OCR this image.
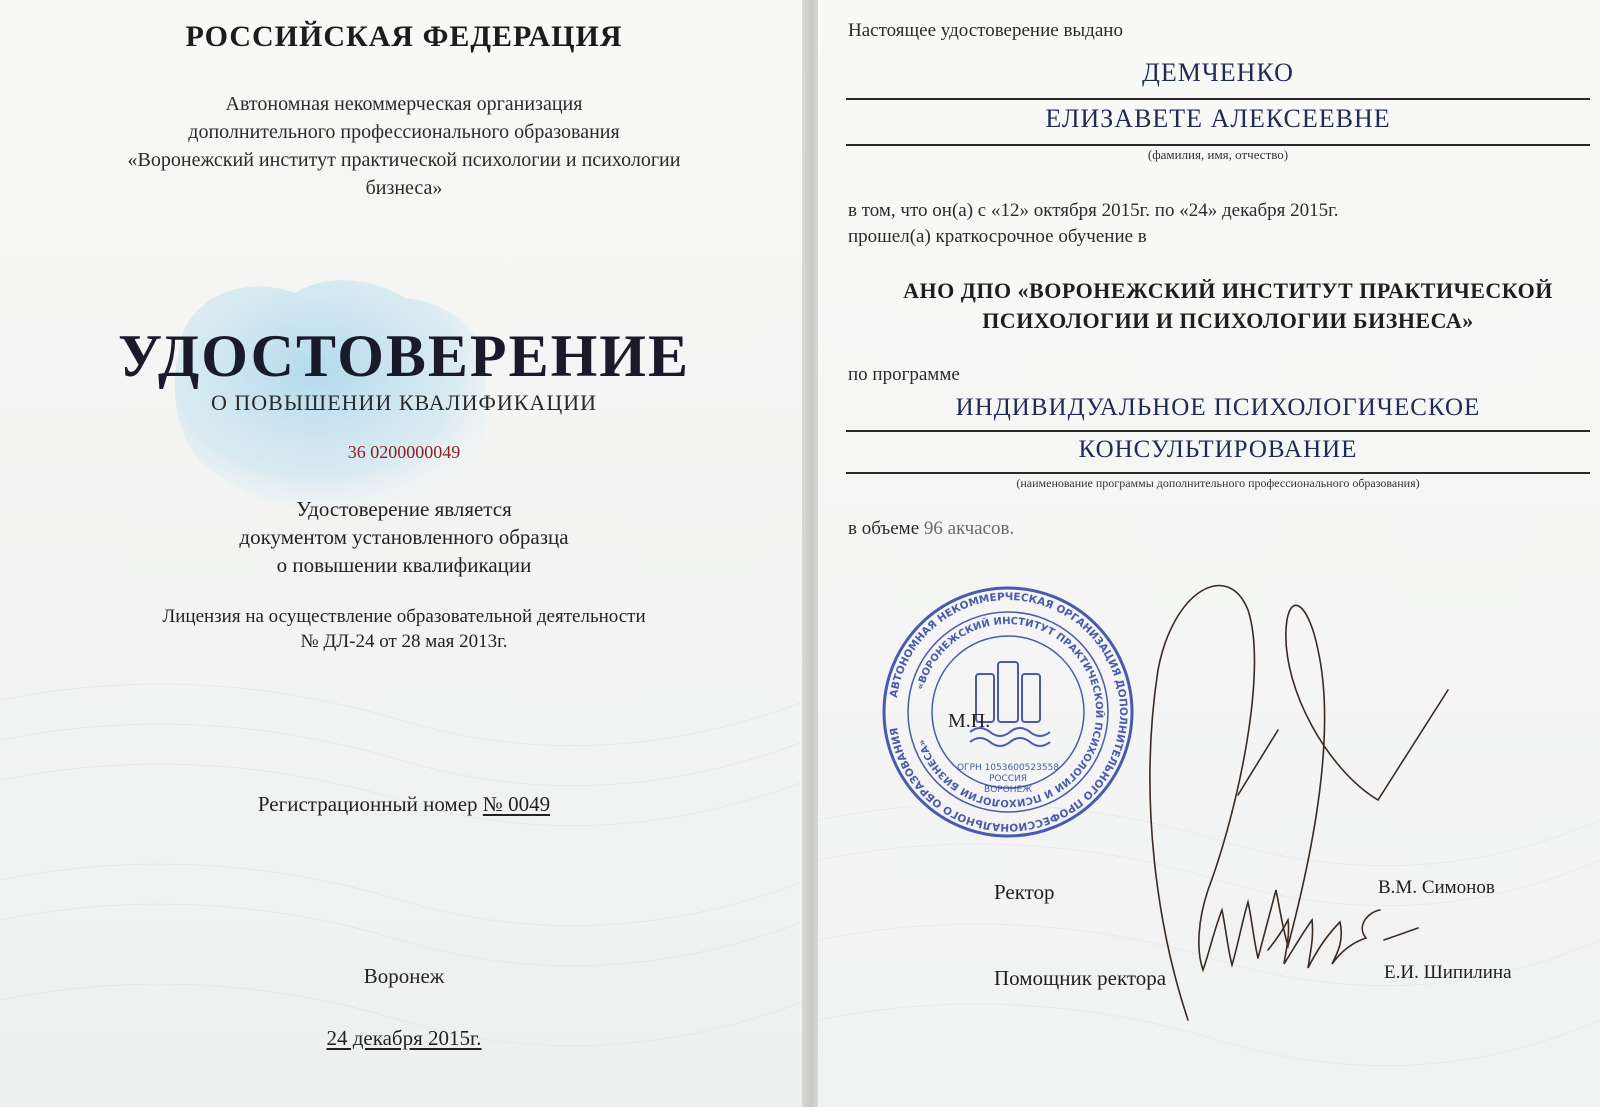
РОССИЙСКАЯ ФЕДЕРАЦИЯ
Автономная некоммерческая организация
дополнительного профессионального образования
«Воронежский институт практической психологии и психологии
бизнеса»
УДОСТОВЕРЕНИЕ
О ПОВЫШЕНИИ КВАЛИФИКАЦИИ
36 0200000049
Удостоверение является
документом установленного образца
о повышении квалификации
Лицензия на осуществление образовательной деятельности
№ ДЛ-24 от 28 мая 2013г.
Регистрационный номер № 0049
Воронеж
24 декабря 2015г.
Настоящее удостоверение выдано
ДЕМЧЕНКО
ЕЛИЗАВЕТЕ АЛЕКСЕЕВНЕ
(фамилия, имя, отчество)
в том, что он(а) с «12» октября 2015г. по «24» декабря 2015г.
прошел(а) краткосрочное обучение в
АНО ДПО «ВОРОНЕЖСКИЙ ИНСТИТУТ ПРАКТИЧЕСКОЙ
ПСИХОЛОГИИ И ПСИХОЛОГИИ БИЗНЕСА»
по программе
ИНДИВИДУАЛЬНОЕ ПСИХОЛОГИЧЕСКОЕ
КОНСУЛЬТИРОВАНИЕ
(наименование программы дополнительного профессионального образования)
в объеме 96 акчасов.
АВТОНОМНАЯ НЕКОММЕРЧЕСКАЯ ОРГАНИЗАЦИЯ ДОПОЛНИТЕЛЬНОГО ПРОФЕССИОНАЛЬНОГО ОБРАЗОВАНИЯ
«ВОРОНЕЖСКИЙ ИНСТИТУТ ПРАКТИЧЕСКОЙ ПСИХОЛОГИИ И ПСИХОЛОГИИ БИЗНЕСА»
ОГРН 1053600523558
РОССИЯ
ВОРОНЕЖ
М.П.
Ректор	В.М. Симонов
Помощник ректора	Е.И. Шипилина
